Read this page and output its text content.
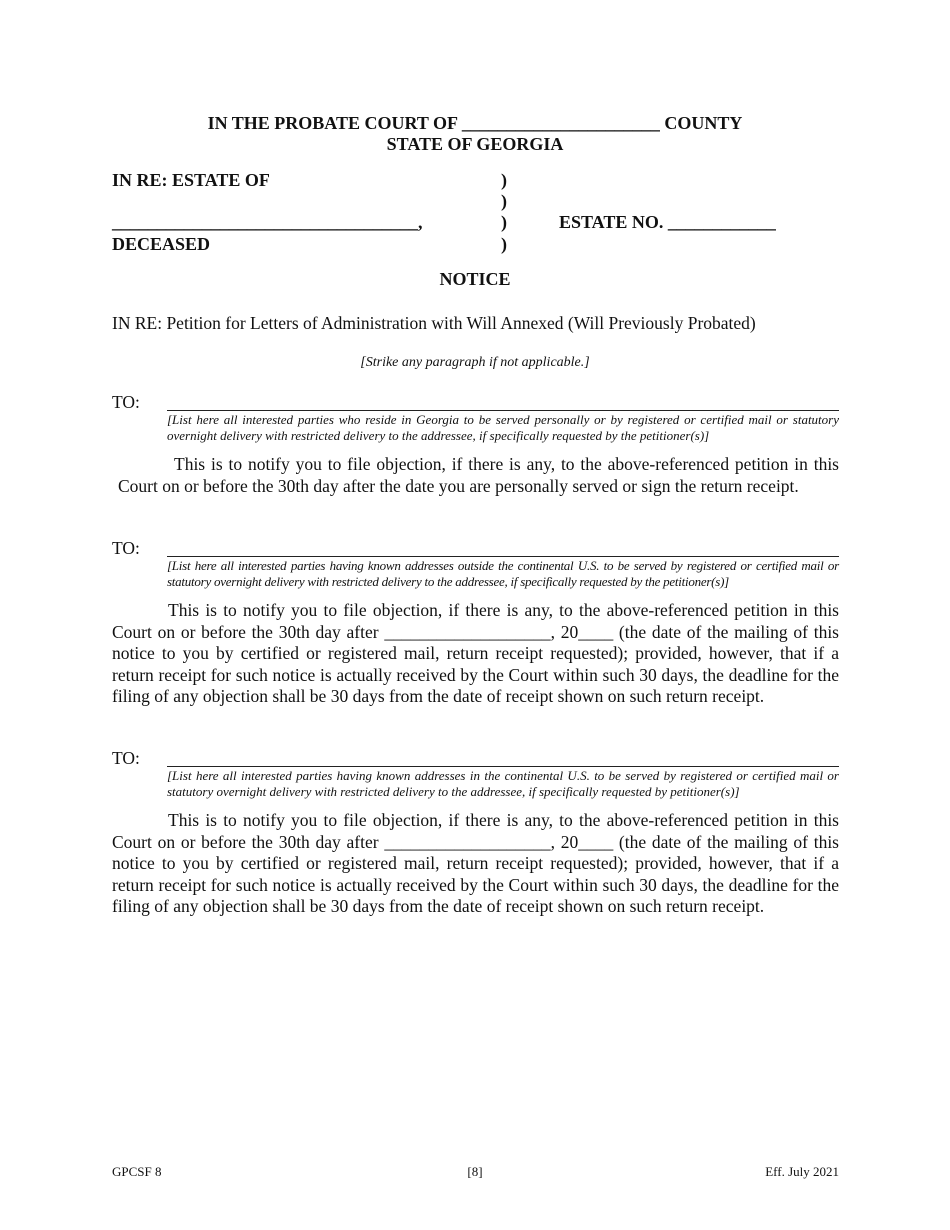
IN THE PROBATE COURT OF ______________________ COUNTY
STATE OF GEORGIA
IN RE: ESTATE OF	)
)
__________________________________,	)	ESTATE NO. ____________
DECEASED	)
NOTICE
IN RE: Petition for Letters of Administration with Will Annexed (Will Previously Probated)
[Strike any paragraph if not applicable.]
TO:
[List here all interested parties who reside in Georgia to be served personally or by registered or certified mail or statutory overnight delivery with restricted delivery to the addressee, if specifically requested by the petitioner(s)]
This is to notify you to file objection, if there is any, to the above-referenced petition in this Court on or before the 30th day after the date you are personally served or sign the return receipt.
TO:
[List here all interested parties having known addresses outside the continental U.S. to be served by registered or certified mail or statutory overnight delivery with restricted delivery to the addressee, if specifically requested by the petitioner(s)]
This is to notify you to file objection, if there is any, to the above-referenced petition in this Court on or before the 30th day after ___________________, 20____ (the date of the mailing of this notice to you by certified or registered mail, return receipt requested); provided, however, that if a return receipt for such notice is actually received by the Court within such 30 days, the deadline for the filing of any objection shall be 30 days from the date of receipt shown on such return receipt.
TO:
[List here all interested parties having known addresses in the continental U.S. to be served by registered or certified mail or statutory overnight delivery with restricted delivery to the addressee, if specifically requested by petitioner(s)]
This is to notify you to file objection, if there is any, to the above-referenced petition in this Court on or before the 30th day after ___________________, 20____ (the date of the mailing of this notice to you by certified or registered mail, return receipt requested); provided, however, that if a return receipt for such notice is actually received by the Court within such 30 days, the deadline for the filing of any objection shall be 30 days from the date of receipt shown on such return receipt.
GPCSF 8	[8]	Eff. July 2021
